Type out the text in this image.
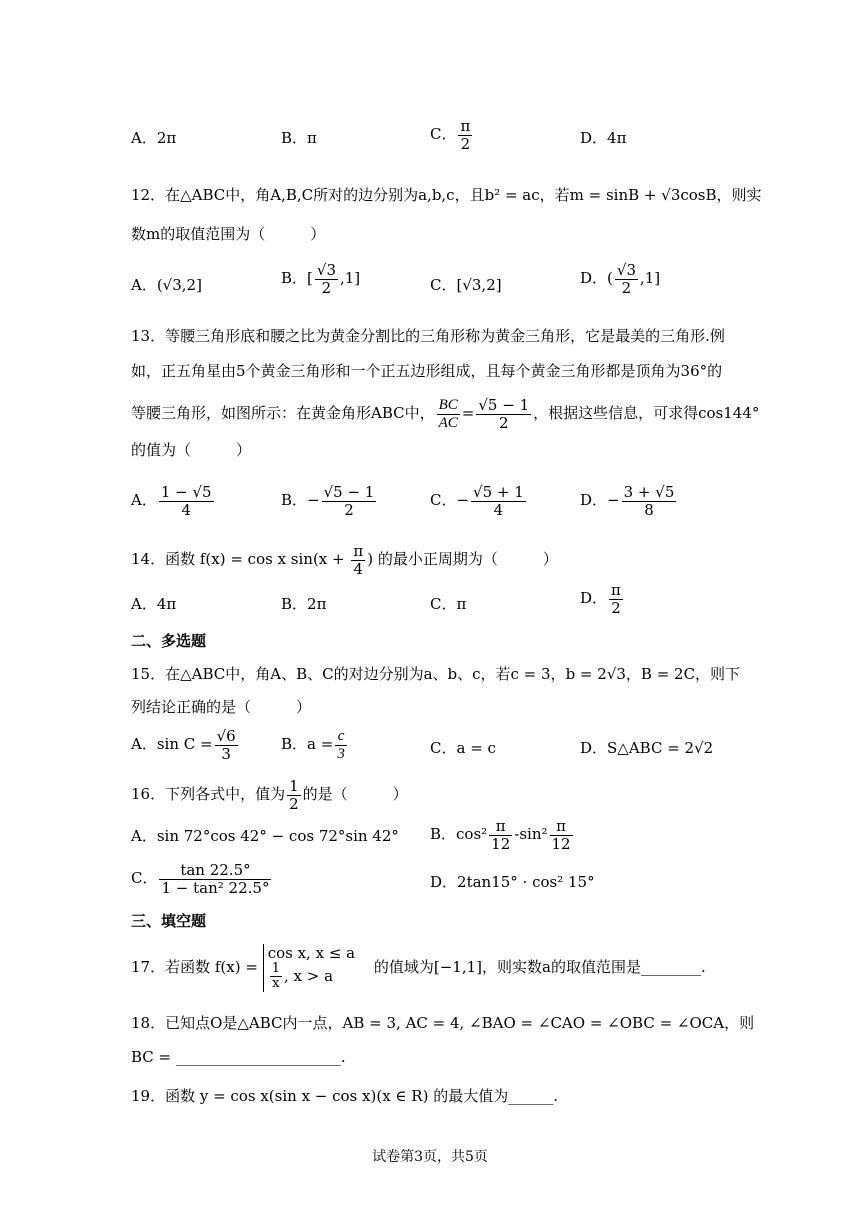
A．2π	B．π	C． $\frac{\pi}{2}$	D．4π
12．在△ABC中，角A,B,C所对的边分别为a,b,c，且b² = ac，若m = sinB + √3cosB，则实
数m的取值范围为（　　　）
A．(√3,2]	B．[ $\frac{√3}{2} ,1$]	C．[√3,2]	D．( $\frac{√3}{2} ,1$]
13．等腰三角形底和腰之比为黄金分割比的三角形称为黄金三角形，它是最美的三角形.例
如，正五角星由5个黄金三角形和一个正五边形组成，且每个黄金三角形都是顶角为36°的
等腰三角形，如图所示：在黄金角形ABC中， $\frac{BC}{AC} = \frac{√5 - 1}{2}$ ，根据这些信息，可求得cos144°
的值为（　　　）
A． $\frac{1 - √5}{4}$	B．− $\frac{√5 - 1}{2}$	C．− $\frac{√5 + 1}{4}$	D．− $\frac{3 + √5}{8}$
14．函数 f(x) = cos x $\sin(x + \frac{\pi}{4}$ ) 的最小正周期为（　　　）
A．4π	B．2π	C．π	D． $\frac{\pi}{2}$
二、多选题
15．在△ABC中，角A、B、C的对边分别为a、b、c，若c = 3，b = 2√3，B = 2C，则下
列结论正确的是（　　　）
A．$\sin C = \frac{√6}{3}$	B．$a = \frac{c}{3}$	C．a = c	D．S△ABC = 2√2
16．下列各式中，值为 $\frac{1}{2}$ 的是（　　　）
A．sin 72°cos 42° − cos 72°sin 42° B．$\cos^2 \frac{\pi}{12} -\sin^2 \frac{\pi}{12}$
C． $\frac{\tan 22.5^\circ}{\text{1 − tan² 22.5°}}$	D．2tan15° · cos² 15°
三、填空题
17．若函数 f(x) =
cos x, x ≤ a
$\frac{1}{x}$ , x > a	的值域为[−1,1]，则实数a的取值范围是________.
18．已知点O是△ABC内一点，AB = 3, AC = 4, ∠BAO = ∠CAO = ∠OBC = ∠OCA，则
BC = ______________________.
19．函数 y = cos x(sin x − cos x)(x ∈ R) 的最大值为______.
试卷第3页，共5页
